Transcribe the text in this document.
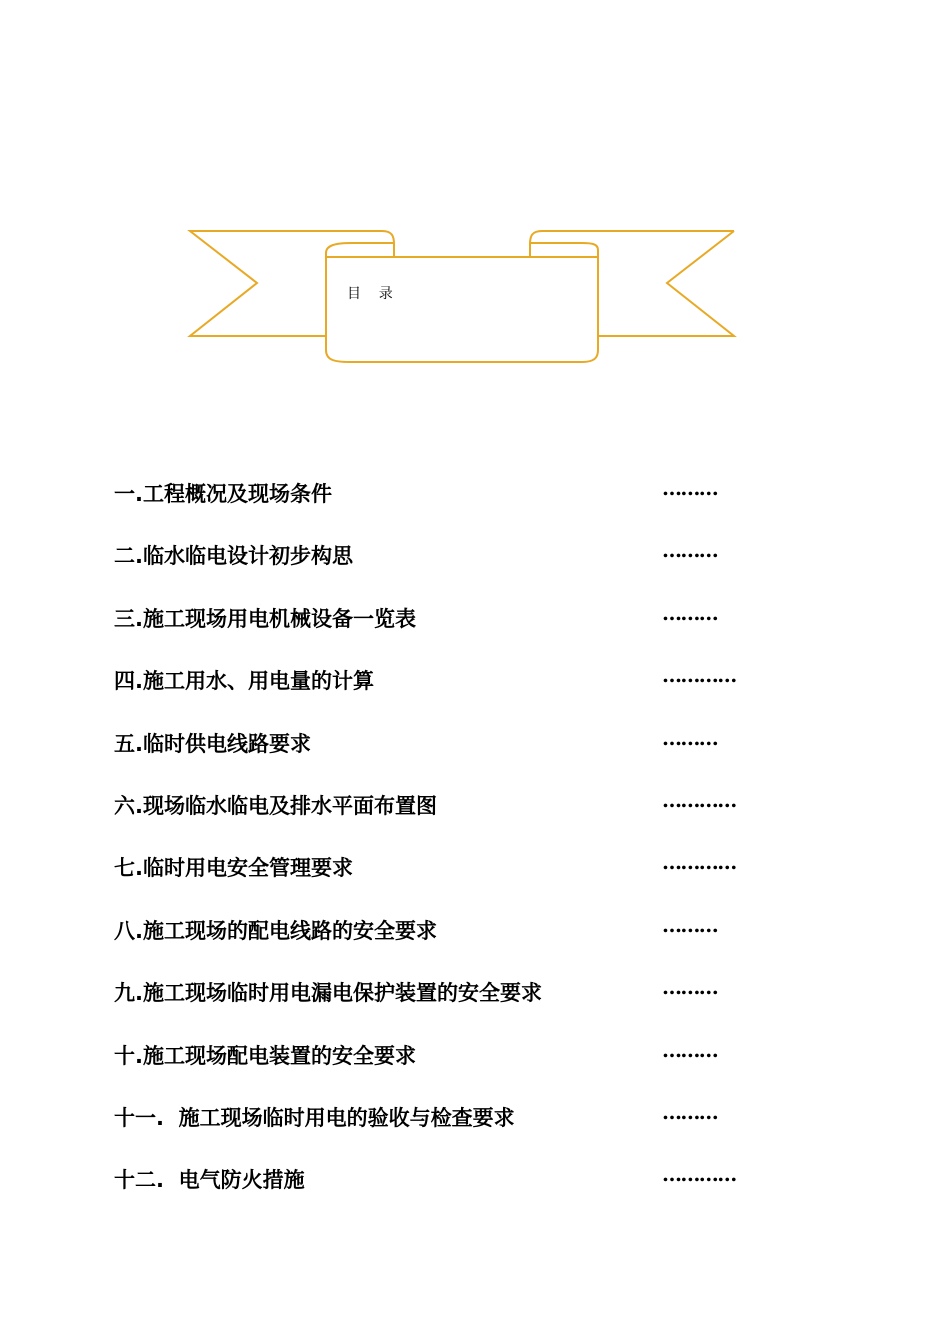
目    录
一.工程概况及现场条件	………
二.临水临电设计初步构思	………
三.施工现场用电机械设备一览表	………
四.施工用水、用电量的计算	…………
五.临时供电线路要求	………
六.现场临水临电及排水平面布置图	…………
七.临时用电安全管理要求	…………
八.施工现场的配电线路的安全要求	………
九.施工现场临时用电漏电保护装置的安全要求	………
十.施工现场配电装置的安全要求	………
十一.  施工现场临时用电的验收与检查要求	………
十二.  电气防火措施	…………
